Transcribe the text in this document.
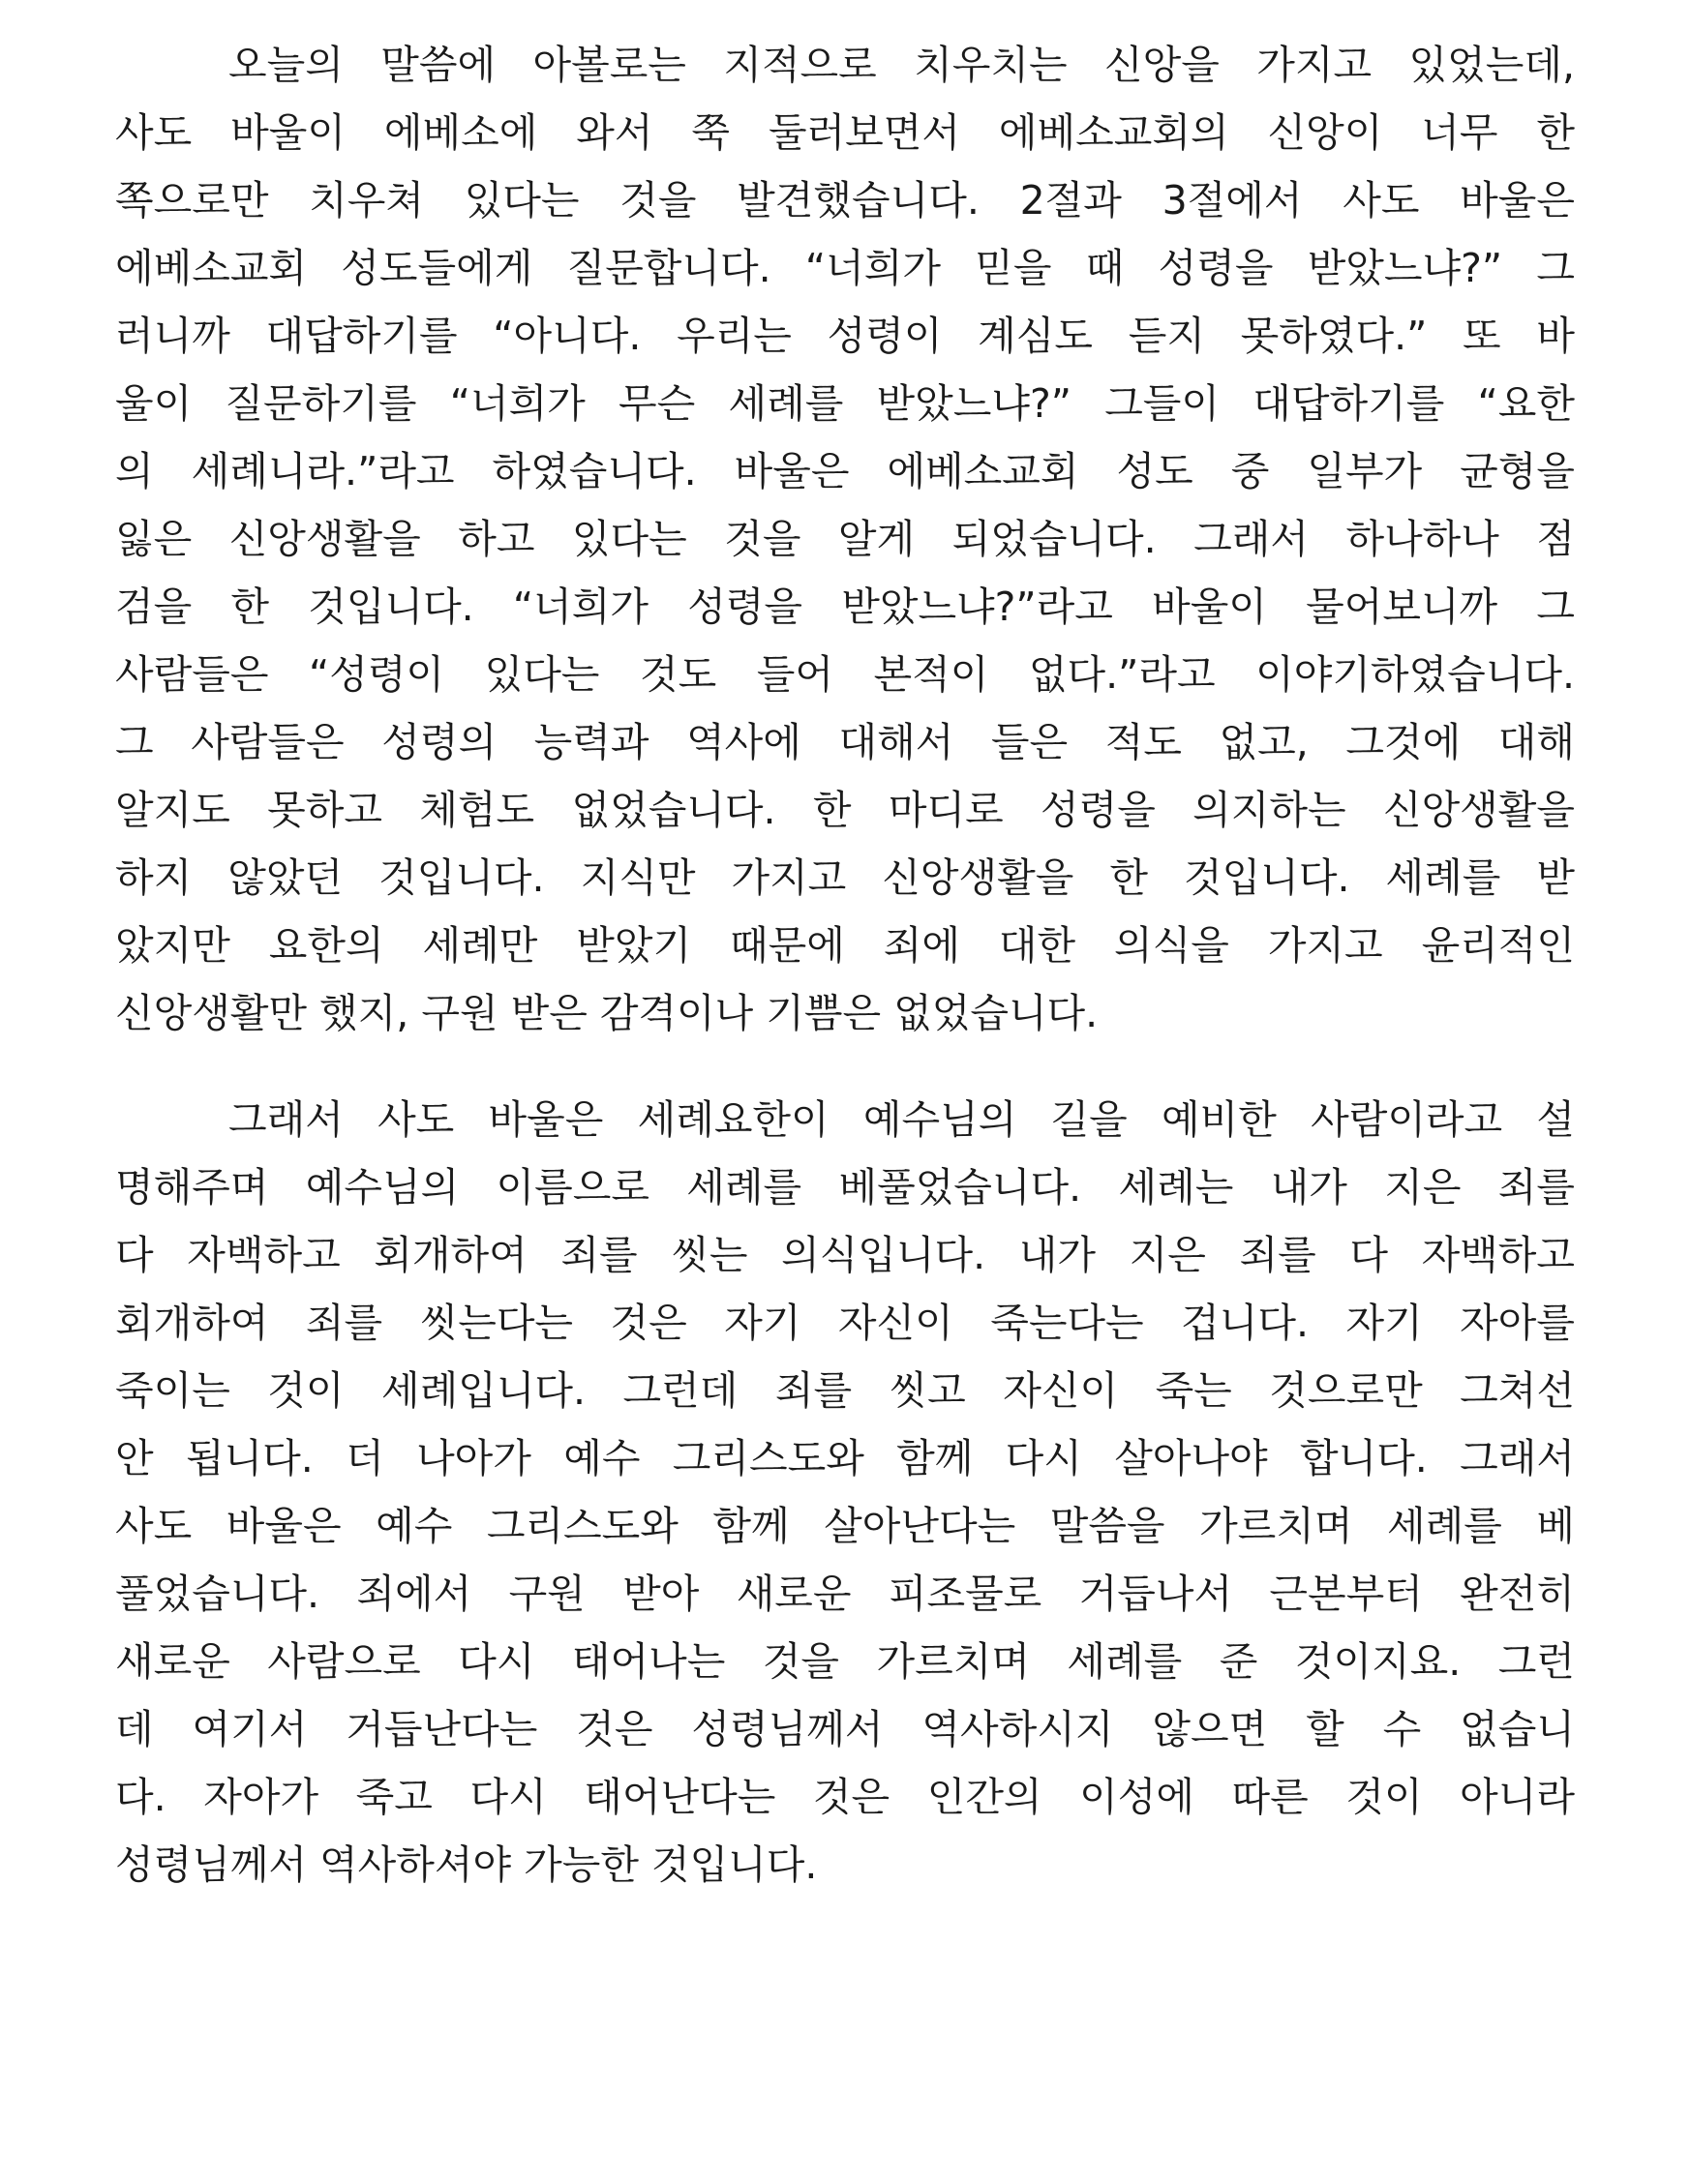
오늘의 말씀에 아볼로는 지적으로 치우치는 신앙을 가지고 있었는데,
사도 바울이 에베소에 와서 쭉 둘러보면서 에베소교회의 신앙이 너무 한
쪽으로만 치우쳐 있다는 것을 발견했습니다. 2절과 3절에서 사도 바울은
에베소교회 성도들에게 질문합니다. “너희가 믿을 때 성령을 받았느냐?” 그
러니까 대답하기를 “아니다. 우리는 성령이 계심도 듣지 못하였다.” 또 바
울이 질문하기를 “너희가 무슨 세례를 받았느냐?” 그들이 대답하기를 “요한
의 세례니라.”라고 하였습니다. 바울은 에베소교회 성도 중 일부가 균형을
잃은 신앙생활을 하고 있다는 것을 알게 되었습니다. 그래서 하나하나 점
검을 한 것입니다. “너희가 성령을 받았느냐?”라고 바울이 물어보니까 그
사람들은 “성령이 있다는 것도 들어 본적이 없다.”라고 이야기하였습니다.
그 사람들은 성령의 능력과 역사에 대해서 들은 적도 없고, 그것에 대해
알지도 못하고 체험도 없었습니다. 한 마디로 성령을 의지하는 신앙생활을
하지 않았던 것입니다. 지식만 가지고 신앙생활을 한 것입니다. 세례를 받
았지만 요한의 세례만 받았기 때문에 죄에 대한 의식을 가지고 윤리적인
신앙생활만 했지, 구원 받은 감격이나 기쁨은 없었습니다.
그래서 사도 바울은 세례요한이 예수님의 길을 예비한 사람이라고 설
명해주며 예수님의 이름으로 세례를 베풀었습니다. 세례는 내가 지은 죄를
다 자백하고 회개하여 죄를 씻는 의식입니다. 내가 지은 죄를 다 자백하고
회개하여 죄를 씻는다는 것은 자기 자신이 죽는다는 겁니다. 자기 자아를
죽이는 것이 세례입니다. 그런데 죄를 씻고 자신이 죽는 것으로만 그쳐선
안 됩니다. 더 나아가 예수 그리스도와 함께 다시 살아나야 합니다. 그래서
사도 바울은 예수 그리스도와 함께 살아난다는 말씀을 가르치며 세례를 베
풀었습니다. 죄에서 구원 받아 새로운 피조물로 거듭나서 근본부터 완전히
새로운 사람으로 다시 태어나는 것을 가르치며 세례를 준 것이지요. 그런
데 여기서 거듭난다는 것은 성령님께서 역사하시지 않으면 할 수 없습니
다. 자아가 죽고 다시 태어난다는 것은 인간의 이성에 따른 것이 아니라
성령님께서 역사하셔야 가능한 것입니다.
